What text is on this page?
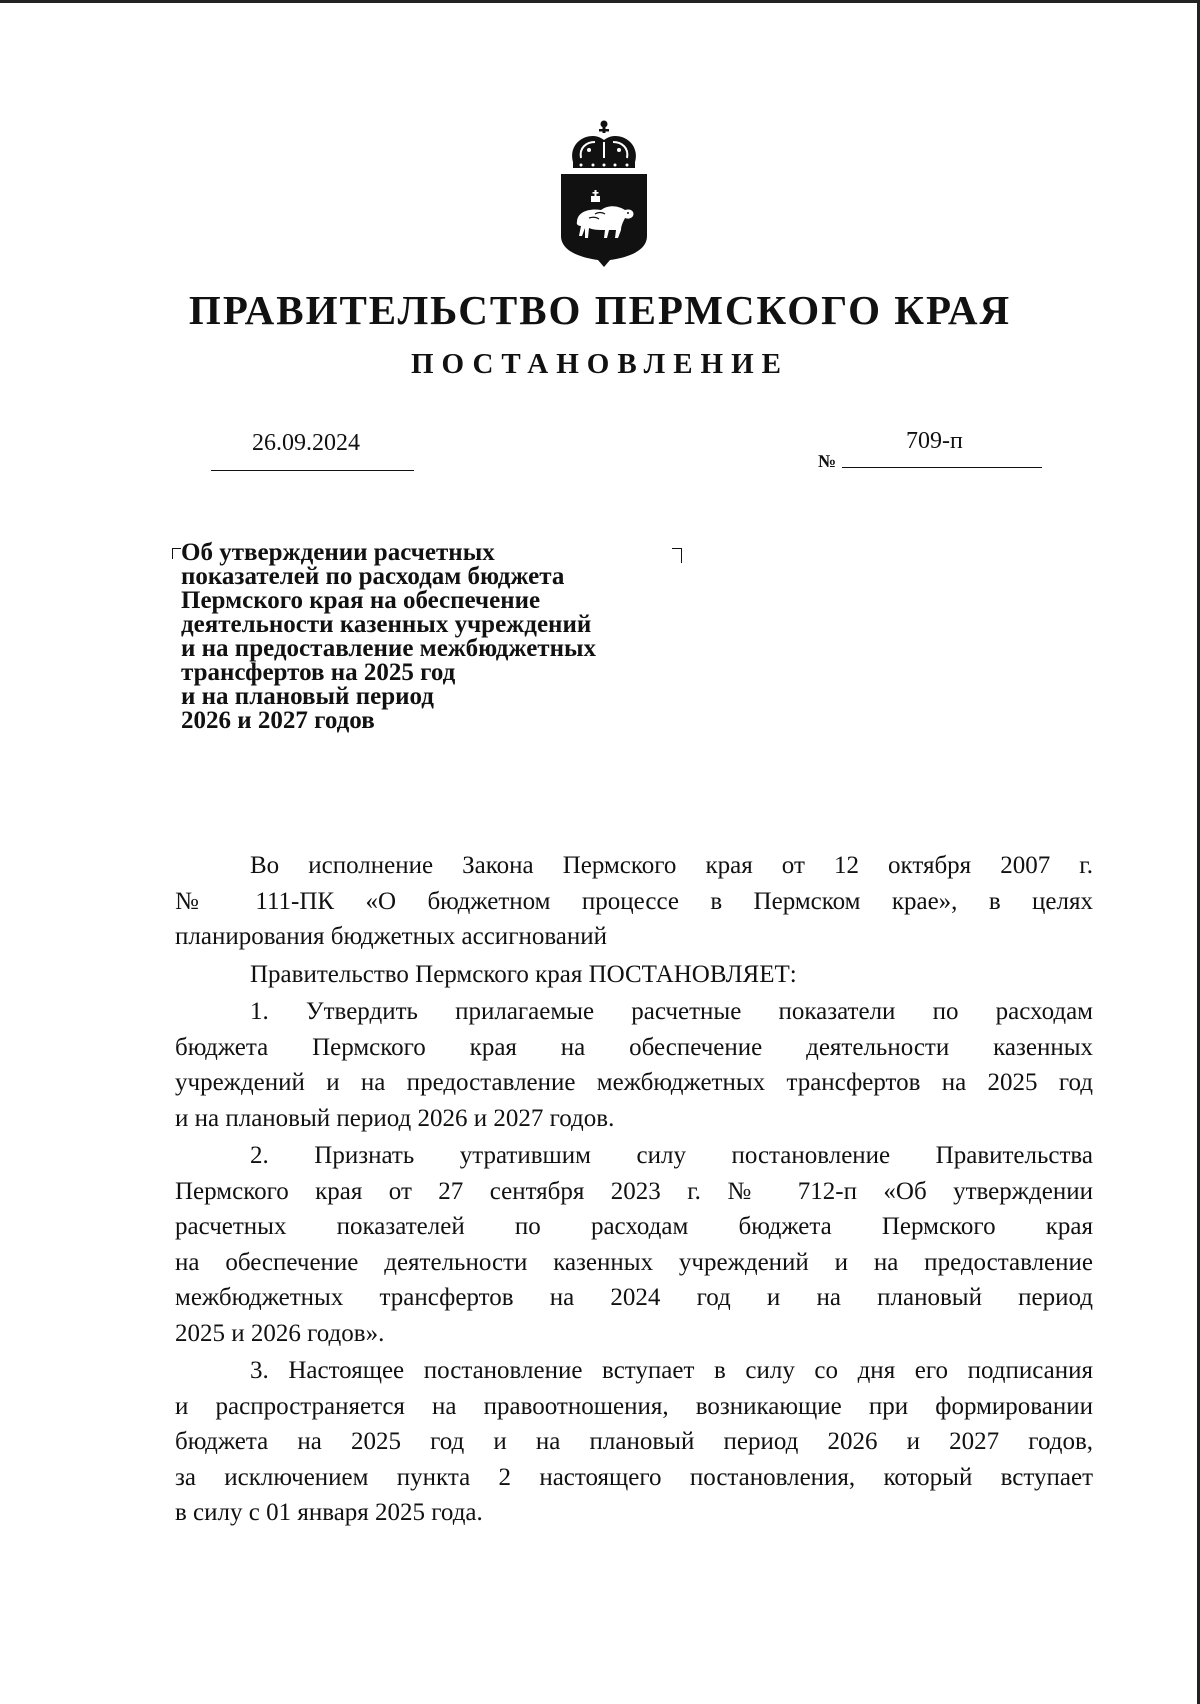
ПРАВИТЕЛЬСТВО ПЕРМСКОГО КРАЯ
ПОСТАНОВЛЕНИЕ
26.09.2024
№
709-п
Об утверждении расчетных
показателей по расходам бюджета
Пермского края на обеспечение
деятельности казенных учреждений
и на предоставление межбюджетных
трансфертов на 2025 год
и на плановый период
2026 и 2027 годов
Во исполнение Закона Пермского края от 12 октября 2007 г.
№ 111-ПК «О бюджетном процессе в Пермском крае», в целях
планирования бюджетных ассигнований
Правительство Пермского края ПОСТАНОВЛЯЕТ:
1. Утвердить прилагаемые расчетные показатели по расходам
бюджета Пермского края на обеспечение деятельности казенных
учреждений и на предоставление межбюджетных трансфертов на 2025 год
и на плановый период 2026 и 2027 годов.
2. Признать утратившим силу постановление Правительства
Пермского края от 27 сентября 2023 г. № 712-п «Об утверждении
расчетных показателей по расходам бюджета Пермского края
на обеспечение деятельности казенных учреждений и на предоставление
межбюджетных трансфертов на 2024 год и на плановый период
2025 и 2026 годов».
3. Настоящее постановление вступает в силу со дня его подписания
и распространяется на правоотношения, возникающие при формировании
бюджета на 2025 год и на плановый период 2026 и 2027 годов,
за исключением пункта 2 настоящего постановления, который вступает
в силу с 01 января 2025 года.
